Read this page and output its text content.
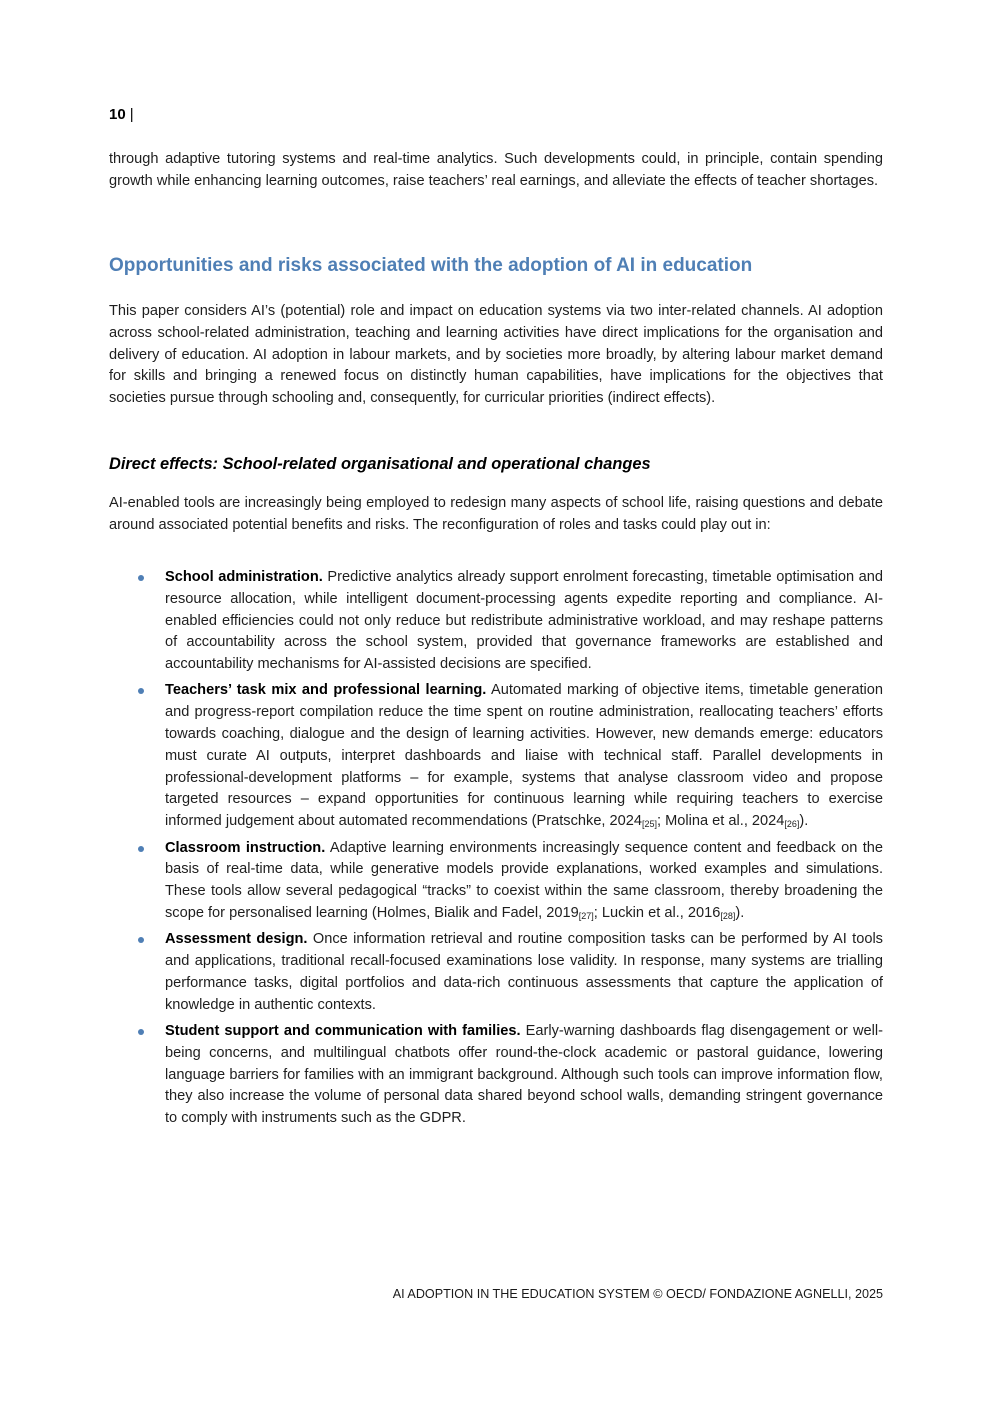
10 |

through adaptive tutoring systems and real-time analytics. Such developments could, in principle, contain spending growth while enhancing learning outcomes, raise teachers’ real earnings, and alleviate the effects of teacher shortages.

Opportunities and risks associated with the adoption of AI in education

This paper considers AI’s (potential) role and impact on education systems via two inter-related channels. AI adoption across school-related administration, teaching and learning activities have direct implications for the organisation and delivery of education. AI adoption in labour markets, and by societies more broadly, by altering labour market demand for skills and bringing a renewed focus on distinctly human capabilities, have implications for the objectives that societies pursue through schooling and, consequently, for curricular priorities (indirect effects).

Direct effects: School-related organisational and operational changes

AI-enabled tools are increasingly being employed to redesign many aspects of school life, raising questions and debate around associated potential benefits and risks. The reconfiguration of roles and tasks could play out in:

School administration. Predictive analytics already support enrolment forecasting, timetable optimisation and resource allocation, while intelligent document-processing agents expedite reporting and compliance. AI-enabled efficiencies could not only reduce but redistribute administrative workload, and may reshape patterns of accountability across the school system, provided that governance frameworks are established and accountability mechanisms for AI-assisted decisions are specified.
Teachers’ task mix and professional learning. Automated marking of objective items, timetable generation and progress-report compilation reduce the time spent on routine administration, reallocating teachers’ efforts towards coaching, dialogue and the design of learning activities. However, new demands emerge: educators must curate AI outputs, interpret dashboards and liaise with technical staff. Parallel developments in professional-development platforms – for example, systems that analyse classroom video and propose targeted resources – expand opportunities for continuous learning while requiring teachers to exercise informed judgement about automated recommendations (Pratschke, $2024_{[25]}$; Molina et al., $2024_{[26]}$).
Classroom instruction. Adaptive learning environments increasingly sequence content and feedback on the basis of real-time data, while generative models provide explanations, worked examples and simulations. These tools allow several pedagogical “tracks” to coexist within the same classroom, thereby broadening the scope for personalised learning (Holmes, Bialik and Fadel, $2019_{[27]}$; Luckin et al., $2016_{[28]}$).
Assessment design. Once information retrieval and routine composition tasks can be performed by AI tools and applications, traditional recall-focused examinations lose validity. In response, many systems are trialling performance tasks, digital portfolios and data-rich continuous assessments that capture the application of knowledge in authentic contexts.
Student support and communication with families. Early-warning dashboards flag disengagement or well-being concerns, and multilingual chatbots offer round-the-clock academic or pastoral guidance, lowering language barriers for families with an immigrant background. Although such tools can improve information flow, they also increase the volume of personal data shared beyond school walls, demanding stringent governance to comply with instruments such as the GDPR.
AI ADOPTION IN THE EDUCATION SYSTEM © OECD/ FONDAZIONE AGNELLI, 2025
